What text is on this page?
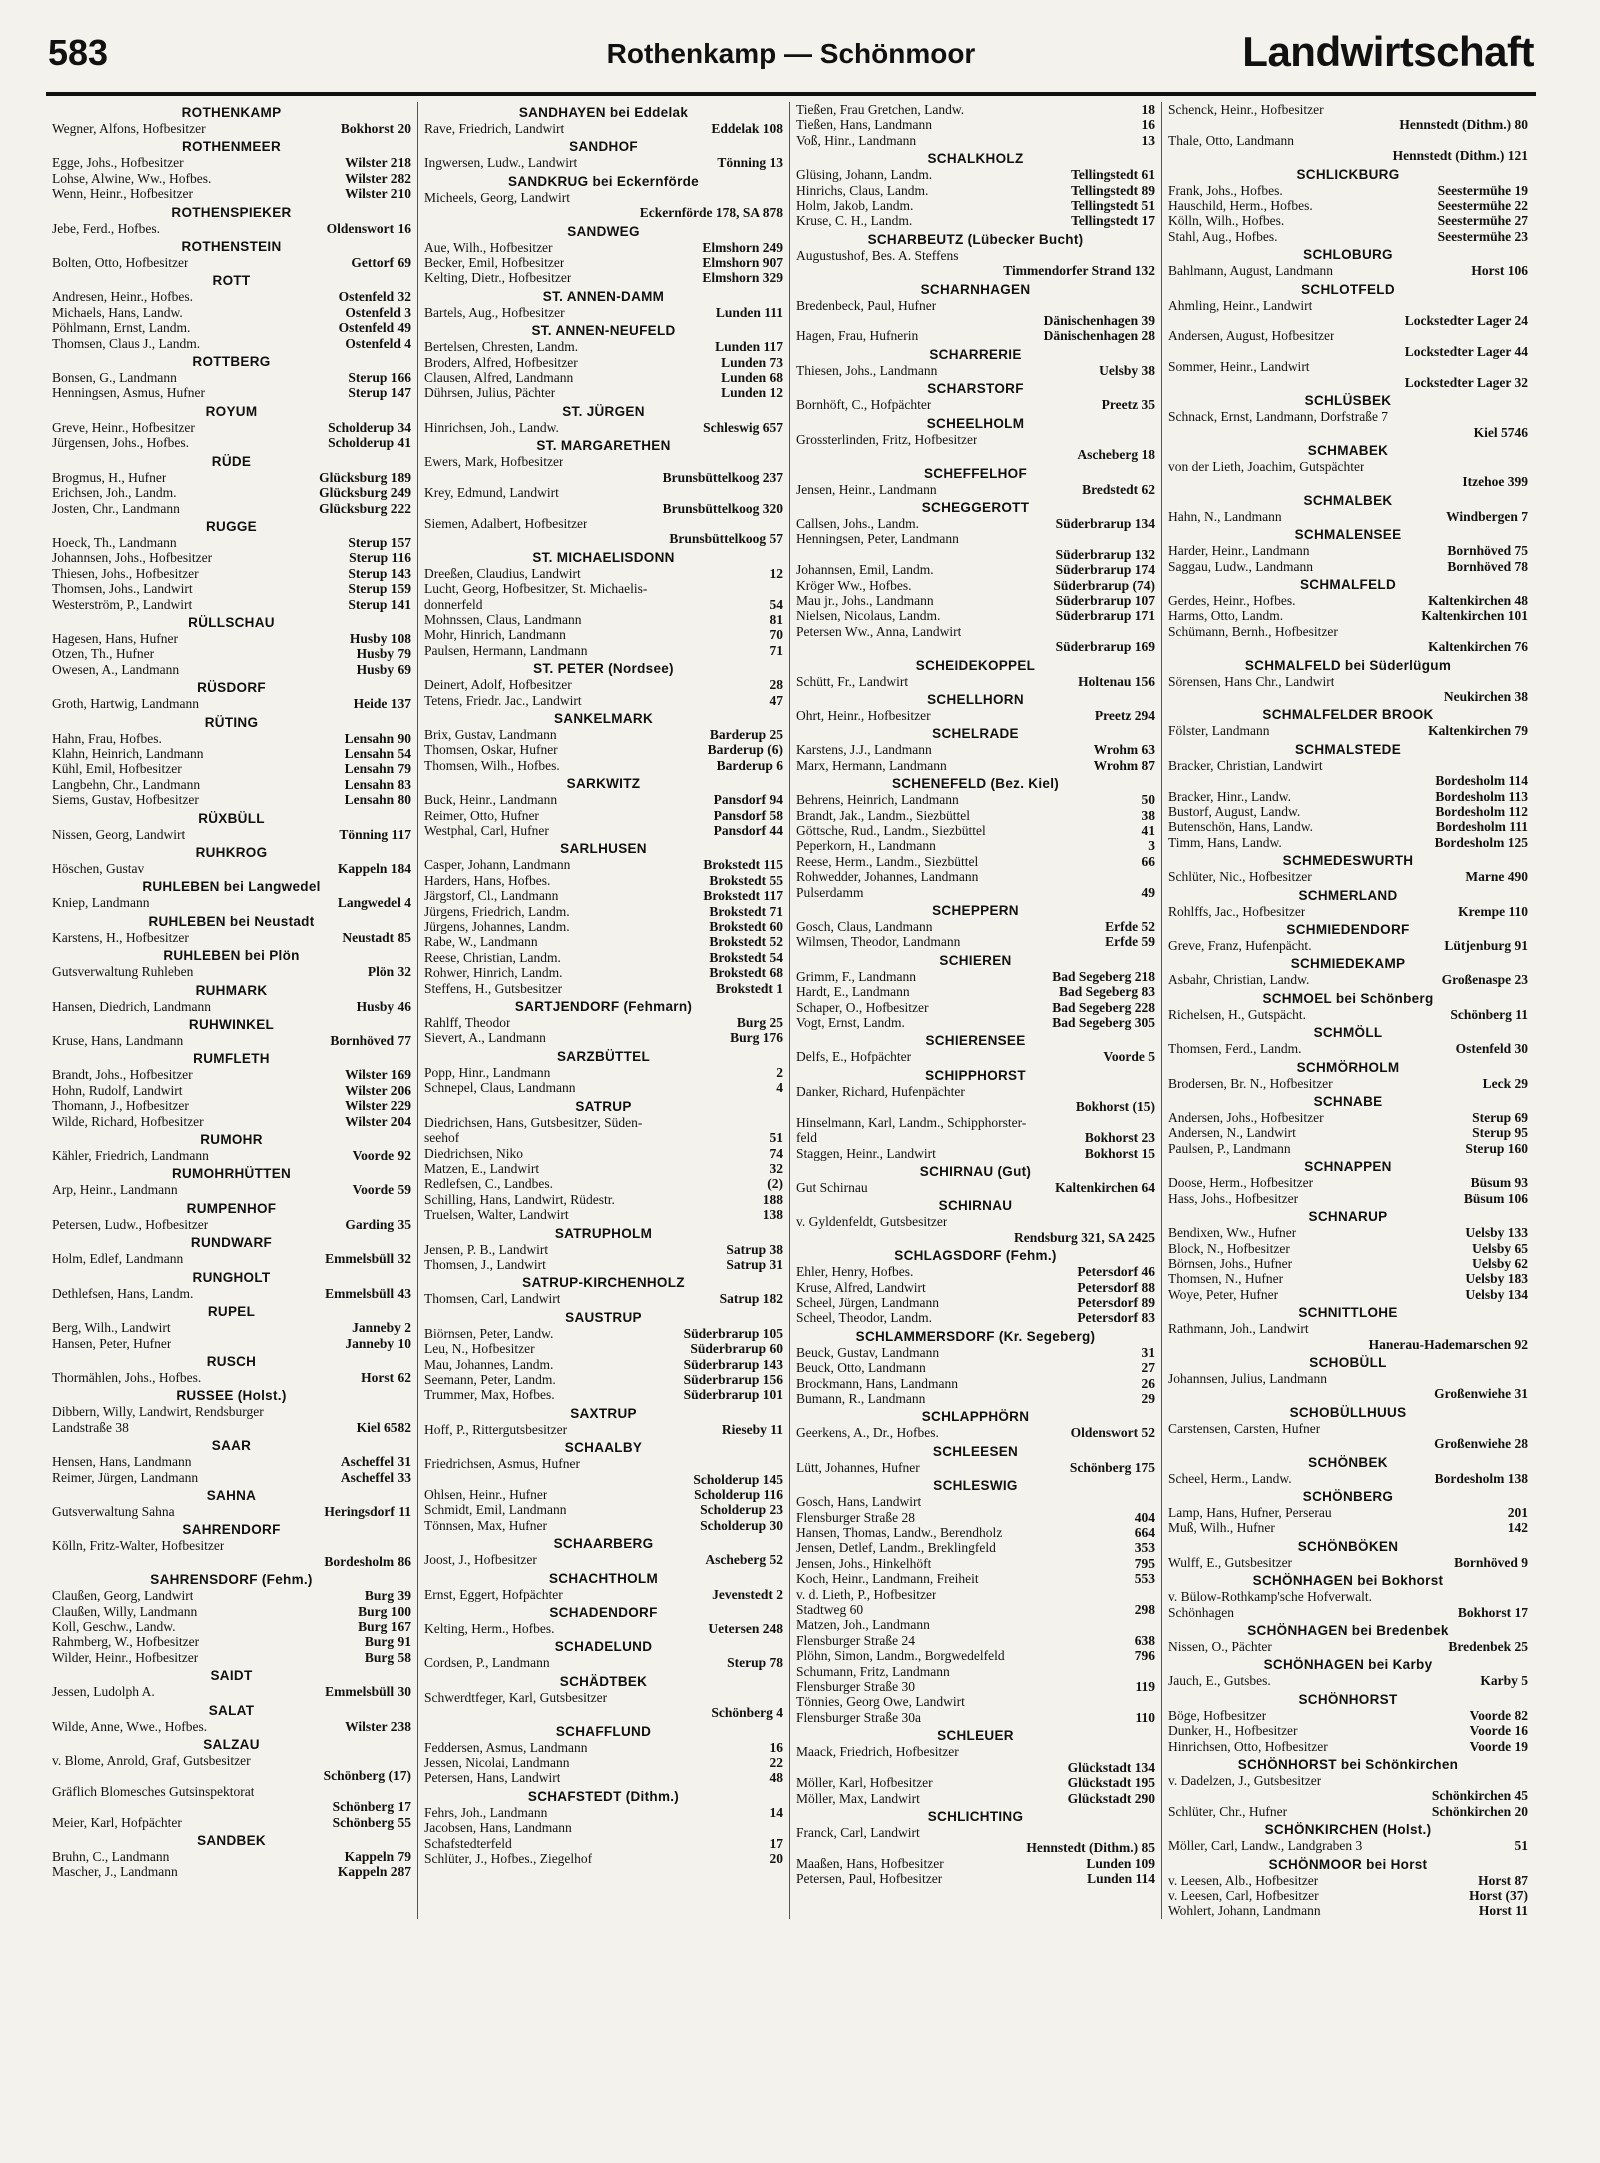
583	Rothenkamp — Schönmoor	Landwirtschaft
ROTHENKAMP
Wegner, Alfons, Hofbesitzer	Bokhorst 20
ROTHENMEER
Egge, Johs., Hofbesitzer	Wilster 218
Lohse, Alwine, Ww., Hofbes.	Wilster 282
Wenn, Heinr., Hofbesitzer	Wilster 210
ROTHENSPIEKER
Jebe, Ferd., Hofbes.	Oldenswort 16
ROTHENSTEIN
Bolten, Otto, Hofbesitzer	Gettorf 69
ROTT
Andresen, Heinr., Hofbes.	Ostenfeld 32
Michaels, Hans, Landw.	Ostenfeld 3
Pöhlmann, Ernst, Landm.	Ostenfeld 49
Thomsen, Claus J., Landm.	Ostenfeld 4
ROTTBERG
Bonsen, G., Landmann	Sterup 166
Henningsen, Asmus, Hufner	Sterup 147
ROYUM
Greve, Heinr., Hofbesitzer	Scholderup 34
Jürgensen, Johs., Hofbes.	Scholderup 41
RÜDE
Brogmus, H., Hufner	Glücksburg 189
Erichsen, Joh., Landm.	Glücksburg 249
Josten, Chr., Landmann	Glücksburg 222
RUGGE
Hoeck, Th., Landmann	Sterup 157
Johannsen, Johs., Hofbesitzer	Sterup 116
Thiesen, Johs., Hofbesitzer	Sterup 143
Thomsen, Johs., Landwirt	Sterup 159
Westerström, P., Landwirt	Sterup 141
RÜLLSCHAU
Hagesen, Hans, Hufner	Husby 108
Otzen, Th., Hufner	Husby 79
Owesen, A., Landmann	Husby 69
RÜSDORF
Groth, Hartwig, Landmann	Heide 137
RÜTING
Hahn, Frau, Hofbes.	Lensahn 90
Klahn, Heinrich, Landmann	Lensahn 54
Kühl, Emil, Hofbesitzer	Lensahn 79
Langbehn, Chr., Landmann	Lensahn 83
Siems, Gustav, Hofbesitzer	Lensahn 80
RÜXBÜLL
Nissen, Georg, Landwirt	Tönning 117
RUHKROG
Höschen, Gustav	Kappeln 184
RUHLEBEN bei Langwedel
Kniep, Landmann	Langwedel 4
RUHLEBEN bei Neustadt
Karstens, H., Hofbesitzer	Neustadt 85
RUHLEBEN bei Plön
Gutsverwaltung Ruhleben	Plön 32
RUHMARK
Hansen, Diedrich, Landmann	Husby 46
RUHWINKEL
Kruse, Hans, Landmann	Bornhöved 77
RUMFLETH
Brandt, Johs., Hofbesitzer	Wilster 169
Hohn, Rudolf, Landwirt	Wilster 206
Thomann, J., Hofbesitzer	Wilster 229
Wilde, Richard, Hofbesitzer	Wilster 204
RUMOHR
Kähler, Friedrich, Landmann	Voorde 92
RUMOHRHÜTTEN
Arp, Heinr., Landmann	Voorde 59
RUMPENHOF
Petersen, Ludw., Hofbesitzer	Garding 35
RUNDWARF
Holm, Edlef, Landmann	Emmelsbüll 32
RUNGHOLT
Dethlefsen, Hans, Landm.	Emmelsbüll 43
RUPEL
Berg, Wilh., Landwirt	Janneby 2
Hansen, Peter, Hufner	Janneby 10
RUSCH
Thormählen, Johs., Hofbes.	Horst 62
RUSSEE (Holst.)
Dibbern, Willy, Landwirt, Rendsburger
Landstraße 38	Kiel 6582
SAAR
Hensen, Hans, Landmann	Ascheffel 31
Reimer, Jürgen, Landmann	Ascheffel 33
SAHNA
Gutsverwaltung Sahna	Heringsdorf 11
SAHRENDORF
Kölln, Fritz-Walter, Hofbesitzer
Bordesholm 86
SAHRENSDORF (Fehm.)
Claußen, Georg, Landwirt	Burg 39
Claußen, Willy, Landmann	Burg 100
Koll, Geschw., Landw.	Burg 167
Rahmberg, W., Hofbesitzer	Burg 91
Wilder, Heinr., Hofbesitzer	Burg 58
SAIDT
Jessen, Ludolph A.	Emmelsbüll 30
SALAT
Wilde, Anne, Wwe., Hofbes.	Wilster 238
SALZAU
v. Blome, Anrold, Graf, Gutsbesitzer
Schönberg (17)
Gräflich Blomesches Gutsinspektorat
Schönberg 17
Meier, Karl, Hofpächter	Schönberg 55
SANDBEK
Bruhn, C., Landmann	Kappeln 79
Mascher, J., Landmann	Kappeln 287
SANDHAYEN bei Eddelak
Rave, Friedrich, Landwirt	Eddelak 108
SANDHOF
Ingwersen, Ludw., Landwirt	Tönning 13
SANDKRUG bei Eckernförde
Micheels, Georg, Landwirt
Eckernförde 178, SA 878
SANDWEG
Aue, Wilh., Hofbesitzer	Elmshorn 249
Becker, Emil, Hofbesitzer	Elmshorn 907
Kelting, Dietr., Hofbesitzer	Elmshorn 329
ST. ANNEN-DAMM
Bartels, Aug., Hofbesitzer	Lunden 111
ST. ANNEN-NEUFELD
Bertelsen, Chresten, Landm.	Lunden 117
Broders, Alfred, Hofbesitzer	Lunden 73
Clausen, Alfred, Landmann	Lunden 68
Dührsen, Julius, Pächter	Lunden 12
ST. JÜRGEN
Hinrichsen, Joh., Landw.	Schleswig 657
ST. MARGARETHEN
Ewers, Mark, Hofbesitzer
Brunsbüttelkoog 237
Krey, Edmund, Landwirt
Brunsbüttelkoog 320
Siemen, Adalbert, Hofbesitzer
Brunsbüttelkoog 57
ST. MICHAELISDONN
Dreeßen, Claudius, Landwirt	12
Lucht, Georg, Hofbesitzer, St. Michaelis-
donnerfeld	54
Mohnssen, Claus, Landmann	81
Mohr, Hinrich, Landmann	70
Paulsen, Hermann, Landmann	71
ST. PETER (Nordsee)
Deinert, Adolf, Hofbesitzer	28
Tetens, Friedr. Jac., Landwirt	47
SANKELMARK
Brix, Gustav, Landmann	Barderup 25
Thomsen, Oskar, Hufner	Barderup (6)
Thomsen, Wilh., Hofbes.	Barderup 6
SARKWITZ
Buck, Heinr., Landmann	Pansdorf 94
Reimer, Otto, Hufner	Pansdorf 58
Westphal, Carl, Hufner	Pansdorf 44
SARLHUSEN
Casper, Johann, Landmann	Brokstedt 115
Harders, Hans, Hofbes.	Brokstedt 55
Järgstorf, Cl., Landmann	Brokstedt 117
Jürgens, Friedrich, Landm.	Brokstedt 71
Jürgens, Johannes, Landm.	Brokstedt 60
Rabe, W., Landmann	Brokstedt 52
Reese, Christian, Landm.	Brokstedt 54
Rohwer, Hinrich, Landm.	Brokstedt 68
Steffens, H., Gutsbesitzer	Brokstedt 1
SARTJENDORF (Fehmarn)
Rahlff, Theodor	Burg 25
Sievert, A., Landmann	Burg 176
SARZBÜTTEL
Popp, Hinr., Landmann	2
Schnepel, Claus, Landmann	4
SATRUP
Diedrichsen, Hans, Gutsbesitzer, Süden-
seehof	51
Diedrichsen, Niko	74
Matzen, E., Landwirt	32
Redlefsen, C., Landbes.	(2)
Schilling, Hans, Landwirt, Rüdestr.	188
Truelsen, Walter, Landwirt	138
SATRUPHOLM
Jensen, P. B., Landwirt	Satrup 38
Thomsen, J., Landwirt	Satrup 31
SATRUP-KIRCHENHOLZ
Thomsen, Carl, Landwirt	Satrup 182
SAUSTRUP
Biörnsen, Peter, Landw.	Süderbrarup 105
Leu, N., Hofbesitzer	Süderbrarup 60
Mau, Johannes, Landm.	Süderbrarup 143
Seemann, Peter, Landm.	Süderbrarup 156
Trummer, Max, Hofbes.	Süderbrarup 101
SAXTRUP
Hoff, P., Rittergutsbesitzer	Rieseby 11
SCHAALBY
Friedrichsen, Asmus, Hufner
Scholderup 145
Ohlsen, Heinr., Hufner	Scholderup 116
Schmidt, Emil, Landmann	Scholderup 23
Tönnsen, Max, Hufner	Scholderup 30
SCHAARBERG
Joost, J., Hofbesitzer	Ascheberg 52
SCHACHTHOLM
Ernst, Eggert, Hofpächter	Jevenstedt 2
SCHADENDORF
Kelting, Herm., Hofbes.	Uetersen 248
SCHADELUND
Cordsen, P., Landmann	Sterup 78
SCHÄDTBEK
Schwerdtfeger, Karl, Gutsbesitzer
Schönberg 4
SCHAFFLUND
Feddersen, Asmus, Landmann	16
Jessen, Nicolai, Landmann	22
Petersen, Hans, Landwirt	48
SCHAFSTEDT (Dithm.)
Fehrs, Joh., Landmann	14
Jacobsen, Hans, Landmann
Schafstedterfeld	17
Schlüter, J., Hofbes., Ziegelhof	20
Tießen, Frau Gretchen, Landw.	18
Tießen, Hans, Landmann	16
Voß, Hinr., Landmann	13
SCHALKHOLZ
Glüsing, Johann, Landm.	Tellingstedt 61
Hinrichs, Claus, Landm.	Tellingstedt 89
Holm, Jakob, Landm.	Tellingstedt 51
Kruse, C. H., Landm.	Tellingstedt 17
SCHARBEUTZ (Lübecker Bucht)
Augustushof, Bes. A. Steffens
Timmendorfer Strand 132
SCHARNHAGEN
Bredenbeck, Paul, Hufner
Dänischenhagen 39
Hagen, Frau, Hufnerin	Dänischenhagen 28
SCHARRERIE
Thiesen, Johs., Landmann	Uelsby 38
SCHARSTORF
Bornhöft, C., Hofpächter	Preetz 35
SCHEELHOLM
Grossterlinden, Fritz, Hofbesitzer
Ascheberg 18
SCHEFFELHOF
Jensen, Heinr., Landmann	Bredstedt 62
SCHEGGEROTT
Callsen, Johs., Landm.	Süderbrarup 134
Henningsen, Peter, Landmann
Süderbrarup 132
Johannsen, Emil, Landm.	Süderbrarup 174
Kröger Ww., Hofbes.	Süderbrarup (74)
Mau jr., Johs., Landmann	Süderbrarup 107
Nielsen, Nicolaus, Landm.	Süderbrarup 171
Petersen Ww., Anna, Landwirt
Süderbrarup 169
SCHEIDEKOPPEL
Schütt, Fr., Landwirt	Holtenau 156
SCHELLHORN
Ohrt, Heinr., Hofbesitzer	Preetz 294
SCHELRADE
Karstens, J.J., Landmann	Wrohm 63
Marx, Hermann, Landmann	Wrohm 87
SCHENEFELD (Bez. Kiel)
Behrens, Heinrich, Landmann	50
Brandt, Jak., Landm., Siezbüttel	38
Göttsche, Rud., Landm., Siezbüttel	41
Peperkorn, H., Landmann	3
Reese, Herm., Landm., Siezbüttel	66
Rohwedder, Johannes, Landmann
Pulserdamm	49
SCHEPPERN
Gosch, Claus, Landmann	Erfde 52
Wilmsen, Theodor, Landmann	Erfde 59
SCHIEREN
Grimm, F., Landmann	Bad Segeberg 218
Hardt, E., Landmann	Bad Segeberg 83
Schaper, O., Hofbesitzer	Bad Segeberg 228
Vogt, Ernst, Landm.	Bad Segeberg 305
SCHIERENSEE
Delfs, E., Hofpächter	Voorde 5
SCHIPPHORST
Danker, Richard, Hufenpächter
Bokhorst (15)
Hinselmann, Karl, Landm., Schipphorster-
feld	Bokhorst 23
Staggen, Heinr., Landwirt	Bokhorst 15
SCHIRNAU (Gut)
Gut Schirnau	Kaltenkirchen 64
SCHIRNAU
v. Gyldenfeldt, Gutsbesitzer
Rendsburg 321, SA 2425
SCHLAGSDORF (Fehm.)
Ehler, Henry, Hofbes.	Petersdorf 46
Kruse, Alfred, Landwirt	Petersdorf 88
Scheel, Jürgen, Landmann	Petersdorf 89
Scheel, Theodor, Landm.	Petersdorf 83
SCHLAMMERSDORF (Kr. Segeberg)
Beuck, Gustav, Landmann	31
Beuck, Otto, Landmann	27
Brockmann, Hans, Landmann	26
Bumann, R., Landmann	29
SCHLAPPHÖRN
Geerkens, A., Dr., Hofbes.	Oldenswort 52
SCHLEESEN
Lütt, Johannes, Hufner	Schönberg 175
SCHLESWIG
Gosch, Hans, Landwirt
Flensburger Straße 28	404
Hansen, Thomas, Landw., Berendholz	664
Jensen, Detlef, Landm., Breklingfeld	353
Jensen, Johs., Hinkelhöft	795
Koch, Heinr., Landmann, Freiheit	553
v. d. Lieth, P., Hofbesitzer
Stadtweg 60	298
Matzen, Joh., Landmann
Flensburger Straße 24	638
Plöhn, Simon, Landm., Borgwedelfeld	796
Schumann, Fritz, Landmann
Flensburger Straße 30	119
Tönnies, Georg Owe, Landwirt
Flensburger Straße 30a	110
SCHLEUER
Maack, Friedrich, Hofbesitzer
Glückstadt 134
Möller, Karl, Hofbesitzer	Glückstadt 195
Möller, Max, Landwirt	Glückstadt 290
SCHLICHTING
Franck, Carl, Landwirt
Hennstedt (Dithm.) 85
Maaßen, Hans, Hofbesitzer	Lunden 109
Petersen, Paul, Hofbesitzer	Lunden 114
Schenck, Heinr., Hofbesitzer
Hennstedt (Dithm.) 80
Thale, Otto, Landmann
Hennstedt (Dithm.) 121
SCHLICKBURG
Frank, Johs., Hofbes.	Seestermühe 19
Hauschild, Herm., Hofbes.	Seestermühe 22
Kölln, Wilh., Hofbes.	Seestermühe 27
Stahl, Aug., Hofbes.	Seestermühe 23
SCHLOBURG
Bahlmann, August, Landmann	Horst 106
SCHLOTFELD
Ahmling, Heinr., Landwirt
Lockstedter Lager 24
Andersen, August, Hofbesitzer
Lockstedter Lager 44
Sommer, Heinr., Landwirt
Lockstedter Lager 32
SCHLÜSBEK
Schnack, Ernst, Landmann, Dorfstraße 7
Kiel 5746
SCHMABEK
von der Lieth, Joachim, Gutspächter
Itzehoe 399
SCHMALBEK
Hahn, N., Landmann	Windbergen 7
SCHMALENSEE
Harder, Heinr., Landmann	Bornhöved 75
Saggau, Ludw., Landmann	Bornhöved 78
SCHMALFELD
Gerdes, Heinr., Hofbes.	Kaltenkirchen 48
Harms, Otto, Landm.	Kaltenkirchen 101
Schümann, Bernh., Hofbesitzer
Kaltenkirchen 76
SCHMALFELD bei Süderlügum
Sörensen, Hans Chr., Landwirt
Neukirchen 38
SCHMALFELDER BROOK
Fölster, Landmann	Kaltenkirchen 79
SCHMALSTEDE
Bracker, Christian, Landwirt
Bordesholm 114
Bracker, Hinr., Landw.	Bordesholm 113
Bustorf, August, Landw.	Bordesholm 112
Butenschön, Hans, Landw.	Bordesholm 111
Timm, Hans, Landw.	Bordesholm 125
SCHMEDESWURTH
Schlüter, Nic., Hofbesitzer	Marne 490
SCHMERLAND
Rohlffs, Jac., Hofbesitzer	Krempe 110
SCHMIEDENDORF
Greve, Franz, Hufenpächt.	Lütjenburg 91
SCHMIEDEKAMP
Asbahr, Christian, Landw.	Großenaspe 23
SCHMOEL bei Schönberg
Richelsen, H., Gutspächt.	Schönberg 11
SCHMÖLL
Thomsen, Ferd., Landm.	Ostenfeld 30
SCHMÖRHOLM
Brodersen, Br. N., Hofbesitzer	Leck 29
SCHNABE
Andersen, Johs., Hofbesitzer	Sterup 69
Andersen, N., Landwirt	Sterup 95
Paulsen, P., Landmann	Sterup 160
SCHNAPPEN
Doose, Herm., Hofbesitzer	Büsum 93
Hass, Johs., Hofbesitzer	Büsum 106
SCHNARUP
Bendixen, Ww., Hufner	Uelsby 133
Block, N., Hofbesitzer	Uelsby 65
Börnsen, Johs., Hufner	Uelsby 62
Thomsen, N., Hufner	Uelsby 183
Woye, Peter, Hufner	Uelsby 134
SCHNITTLOHE
Rathmann, Joh., Landwirt
Hanerau-Hademarschen 92
SCHOBÜLL
Johannsen, Julius, Landmann
Großenwiehe 31
SCHOBÜLLHUUS
Carstensen, Carsten, Hufner
Großenwiehe 28
SCHÖNBEK
Scheel, Herm., Landw.	Bordesholm 138
SCHÖNBERG
Lamp, Hans, Hufner, Perserau	201
Muß, Wilh., Hufner	142
SCHÖNBÖKEN
Wulff, E., Gutsbesitzer	Bornhöved 9
SCHÖNHAGEN bei Bokhorst
v. Bülow-Rothkamp'sche Hofverwalt.
Schönhagen	Bokhorst 17
SCHÖNHAGEN bei Bredenbek
Nissen, O., Pächter	Bredenbek 25
SCHÖNHAGEN bei Karby
Jauch, E., Gutsbes.	Karby 5
SCHÖNHORST
Böge, Hofbesitzer	Voorde 82
Dunker, H., Hofbesitzer	Voorde 16
Hinrichsen, Otto, Hofbesitzer	Voorde 19
SCHÖNHORST bei Schönkirchen
v. Dadelzen, J., Gutsbesitzer
Schönkirchen 45
Schlüter, Chr., Hufner	Schönkirchen 20
SCHÖNKIRCHEN (Holst.)
Möller, Carl, Landw., Landgraben 3	51
SCHÖNMOOR bei Horst
v. Leesen, Alb., Hofbesitzer	Horst 87
v. Leesen, Carl, Hofbesitzer	Horst (37)
Wohlert, Johann, Landmann	Horst 11
